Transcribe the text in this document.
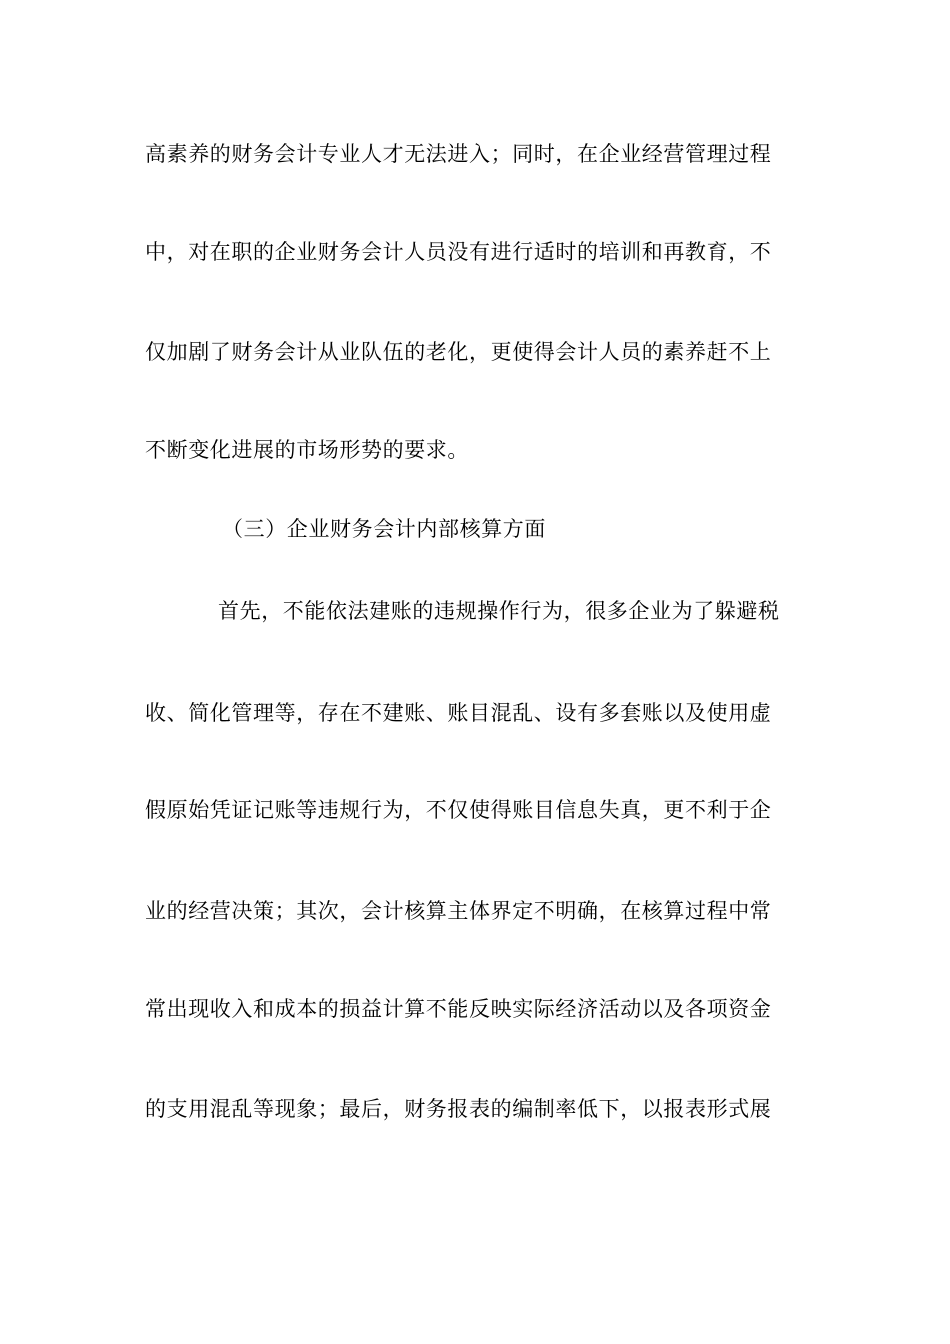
高素养的财务会计专业人才无法进入；同时，在企业经营管理过程
中，对在职的企业财务会计人员没有进行适时的培训和再教育，不
仅加剧了财务会计从业队伍的老化，更使得会计人员的素养赶不上
不断变化进展的市场形势的要求。
（三）企业财务会计内部核算方面
首先，不能依法建账的违规操作行为，很多企业为了躲避税
收、简化管理等，存在不建账、账目混乱、设有多套账以及使用虚
假原始凭证记账等违规行为，不仅使得账目信息失真，更不利于企
业的经营决策；其次，会计核算主体界定不明确，在核算过程中常
常出现收入和成本的损益计算不能反映实际经济活动以及各项资金
的支用混乱等现象；最后，财务报表的编制率低下，以报表形式展
